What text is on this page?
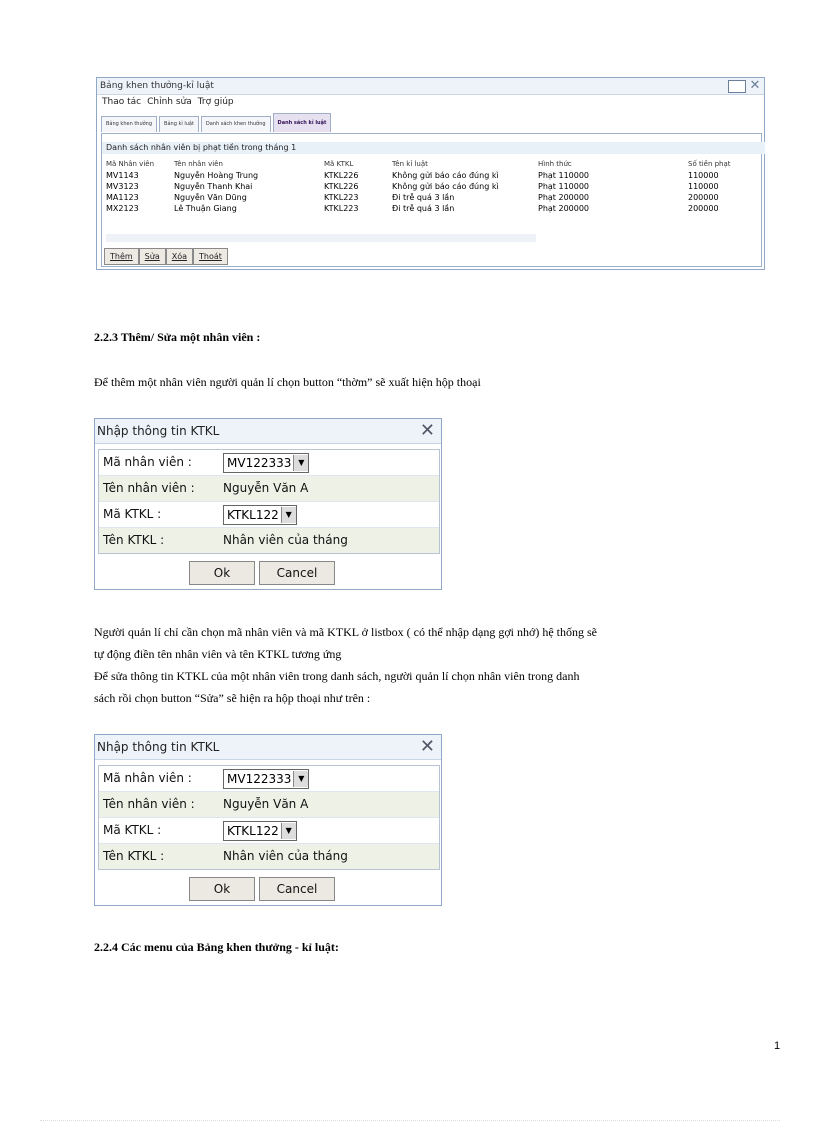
Bảng khen thưởng-kỉ luật	✕
Thao tác Chỉnh sửa Trợ giúp
Bảng khen thưởng	Bảng kỉ luật	Danh sách khen thưởng	Danh sách kỉ luật
Danh sách nhân viên bị phạt tiền trong tháng 1
Mã Nhân viên	Tên nhân viên	Mã KTKL	Tên kỉ luật	Hình thức	Số tiền phạt
MV1143	Nguyễn Hoàng Trung	KTKL226	Không gửi báo cáo đúng kì	Phạt 110000	110000
MV3123	Nguyễn Thanh Khai	KTKL226	Không gửi báo cáo đúng kì	Phạt 110000	110000
MA1123	Nguyễn Văn Dũng	KTKL223	Đi trễ quá 3 lần	Phạt 200000	200000
MX2123	Lê Thuận Giang	KTKL223	Đi trễ quá 3 lần	Phạt 200000	200000
Thêm	Sửa	Xóa	Thoát
2.2.3 Thêm/ Sửa một nhân viên :
Để thêm một nhân viên người quản lí chọn button “thờm” sẽ xuất hiện hộp thoại
Nhập thông tin KTKL	✕
Mã nhân viên :	MV122333 ▼
Tên nhân viên : Nguyễn Văn A
Mã KTKL :	KTKL122 ▼
Tên KTKL :	Nhân viên của tháng
Ok	Cancel
Người quản lí chỉ cần chọn mã nhân viên và mã KTKL ở listbox ( có thể nhập dạng gợi nhớ) hệ thống sẽ
tự động điền tên nhân viên và tên KTKL tương ứng
Để sửa thông tin KTKL của một nhân viên trong danh sách, người quản lí chọn nhân viên trong danh
sách rồi chọn button “Sửa” sẽ hiện ra hộp thoại như trên :
Nhập thông tin KTKL	✕
Mã nhân viên :	MV122333 ▼
Tên nhân viên : Nguyễn Văn A
Mã KTKL :	KTKL122 ▼
Tên KTKL :	Nhân viên của tháng
Ok	Cancel
2.2.4 Các menu của Bảng khen thưởng - kỉ luật:
1
